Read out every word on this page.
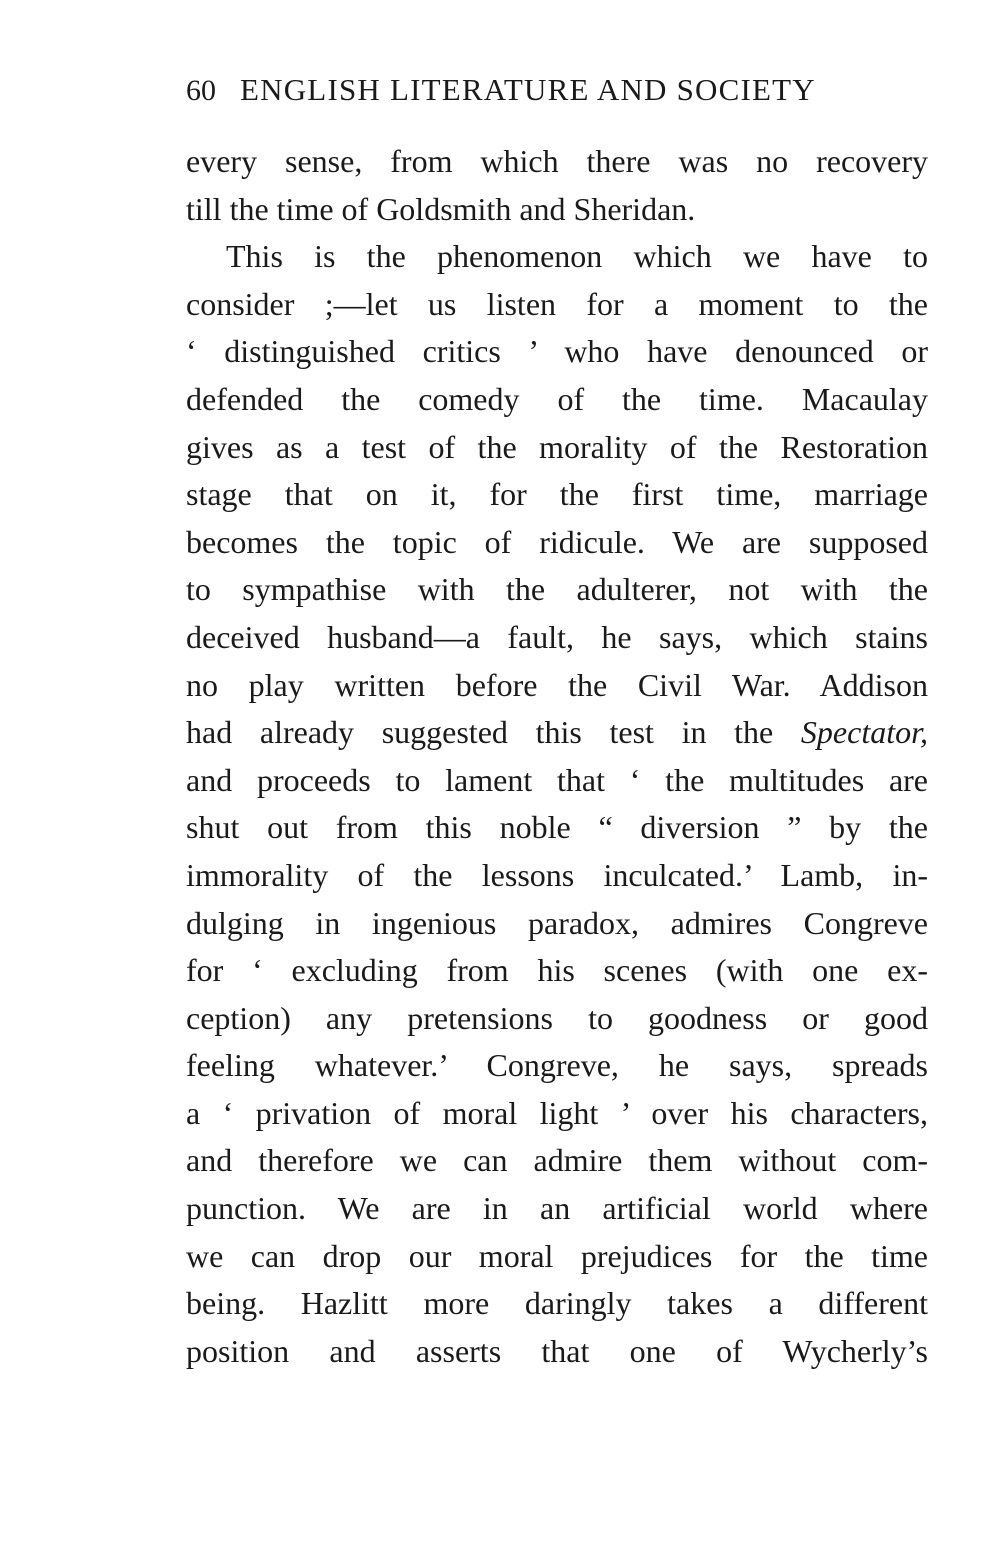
60 ENGLISH LITERATURE AND SOCIETY
every sense, from which there was no recovery
till the time of Goldsmith and Sheridan.
This is the phenomenon which we have to
consider ;—let us listen for a moment to the
‘ distinguished critics ’ who have denounced or
defended the comedy of the time. Macaulay
gives as a test of the morality of the Restoration
stage that on it, for the first time, marriage
becomes the topic of ridicule. We are supposed
to sympathise with the adulterer, not with the
deceived husband—a fault, he says, which stains
no play written before the Civil War. Addison
had already suggested this test in the Spectator,
and proceeds to lament that ‘ the multitudes are
shut out from this noble “ diversion ” by the
immorality of the lessons inculcated.’ Lamb, in-
dulging in ingenious paradox, admires Congreve
for ‘ excluding from his scenes (with one ex-
ception) any pretensions to goodness or good
feeling whatever.’ Congreve, he says, spreads
a ‘ privation of moral light ’ over his characters,
and therefore we can admire them without com-
punction. We are in an artificial world where
we can drop our moral prejudices for the time
being. Hazlitt more daringly takes a different
position and asserts that one of Wycherly’s
